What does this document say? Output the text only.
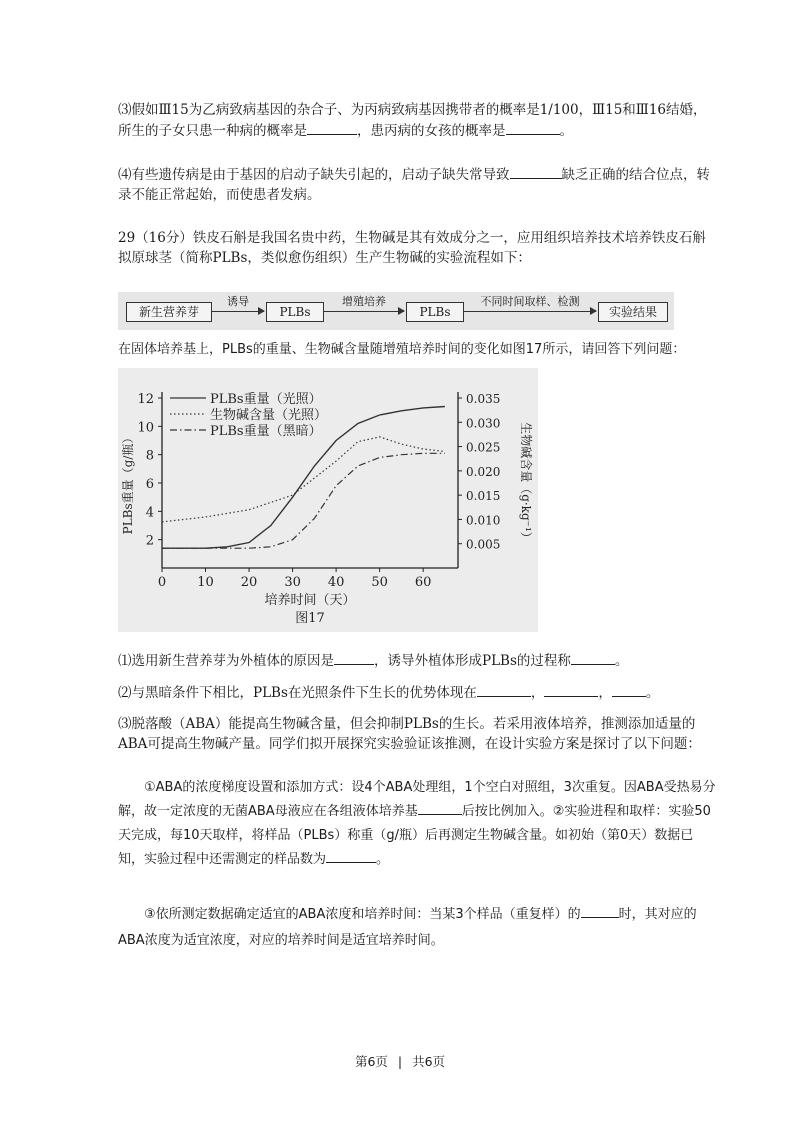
⑶假如Ⅲ15为乙病致病基因的杂合子、为丙病致病基因携带者的概率是1/100，Ⅲ15和Ⅲ16结婚，所生的子女只患一种病的概率是	，患丙病的女孩的概率是	。

⑷有些遗传病是由于基因的启动子缺失引起的，启动子缺失常导致	缺乏正确的结合位点，转录不能正常起始，而使患者发病。

29（16分）铁皮石斛是我国名贵中药，生物碱是其有效成分之一，应用组织培养技术培养铁皮石斛拟原球茎（简称PLBs，类似愈伤组织）生产生物碱的实验流程如下：

新生营养芽
诱导
PLBs
增殖培养
PLBs
不同时间取样、检测
实验结果

在固体培养基上，PLBs的重量、生物碱含量随增殖培养时间的变化如图17所示，请回答下列问题：

0 10 20 30 40 50 60
2
4
6
8
10
12
0.005
0.010
0.015
0.020
0.025
0.030
0.035
PLBs重量（光照）
生物碱含量（光照）
PLBs重量（黑暗）
培养时间（天）
图17
PLBs重量（g/瓶）	生物碱含量（g·kg⁻¹）

⑴选用新生营养芽为外植体的原因是	，诱导外植体形成PLBs的过程称	。

⑵与黑暗条件下相比，PLBs在光照条件下生长的优势体现在	，	，	。

⑶脱落酸（ABA）能提高生物碱含量，但会抑制PLBs的生长。若采用液体培养，推测添加适量的ABA可提高生物碱产量。同学们拟开展探究实验验证该推测，在设计实验方案是探讨了以下问题：

①ABA的浓度梯度设置和添加方式：设4个ABA处理组，1个空白对照组，3次重复。因ABA受热易分解，故一定浓度的无菌ABA母液应在各组液体培养基	后按比例加入。②实验进程和取样：实验50天完成，每10天取样，将样品（PLBs）称重（g/瓶）后再测定生物碱含量。如初始（第0天）数据已知，实验过程中还需测定的样品数为	。

③依所测定数据确定适宜的ABA浓度和培养时间：当某3个样品（重复样）的	时，其对应的ABA浓度为适宜浓度，对应的培养时间是适宜培养时间。

第6页 | 共6页
